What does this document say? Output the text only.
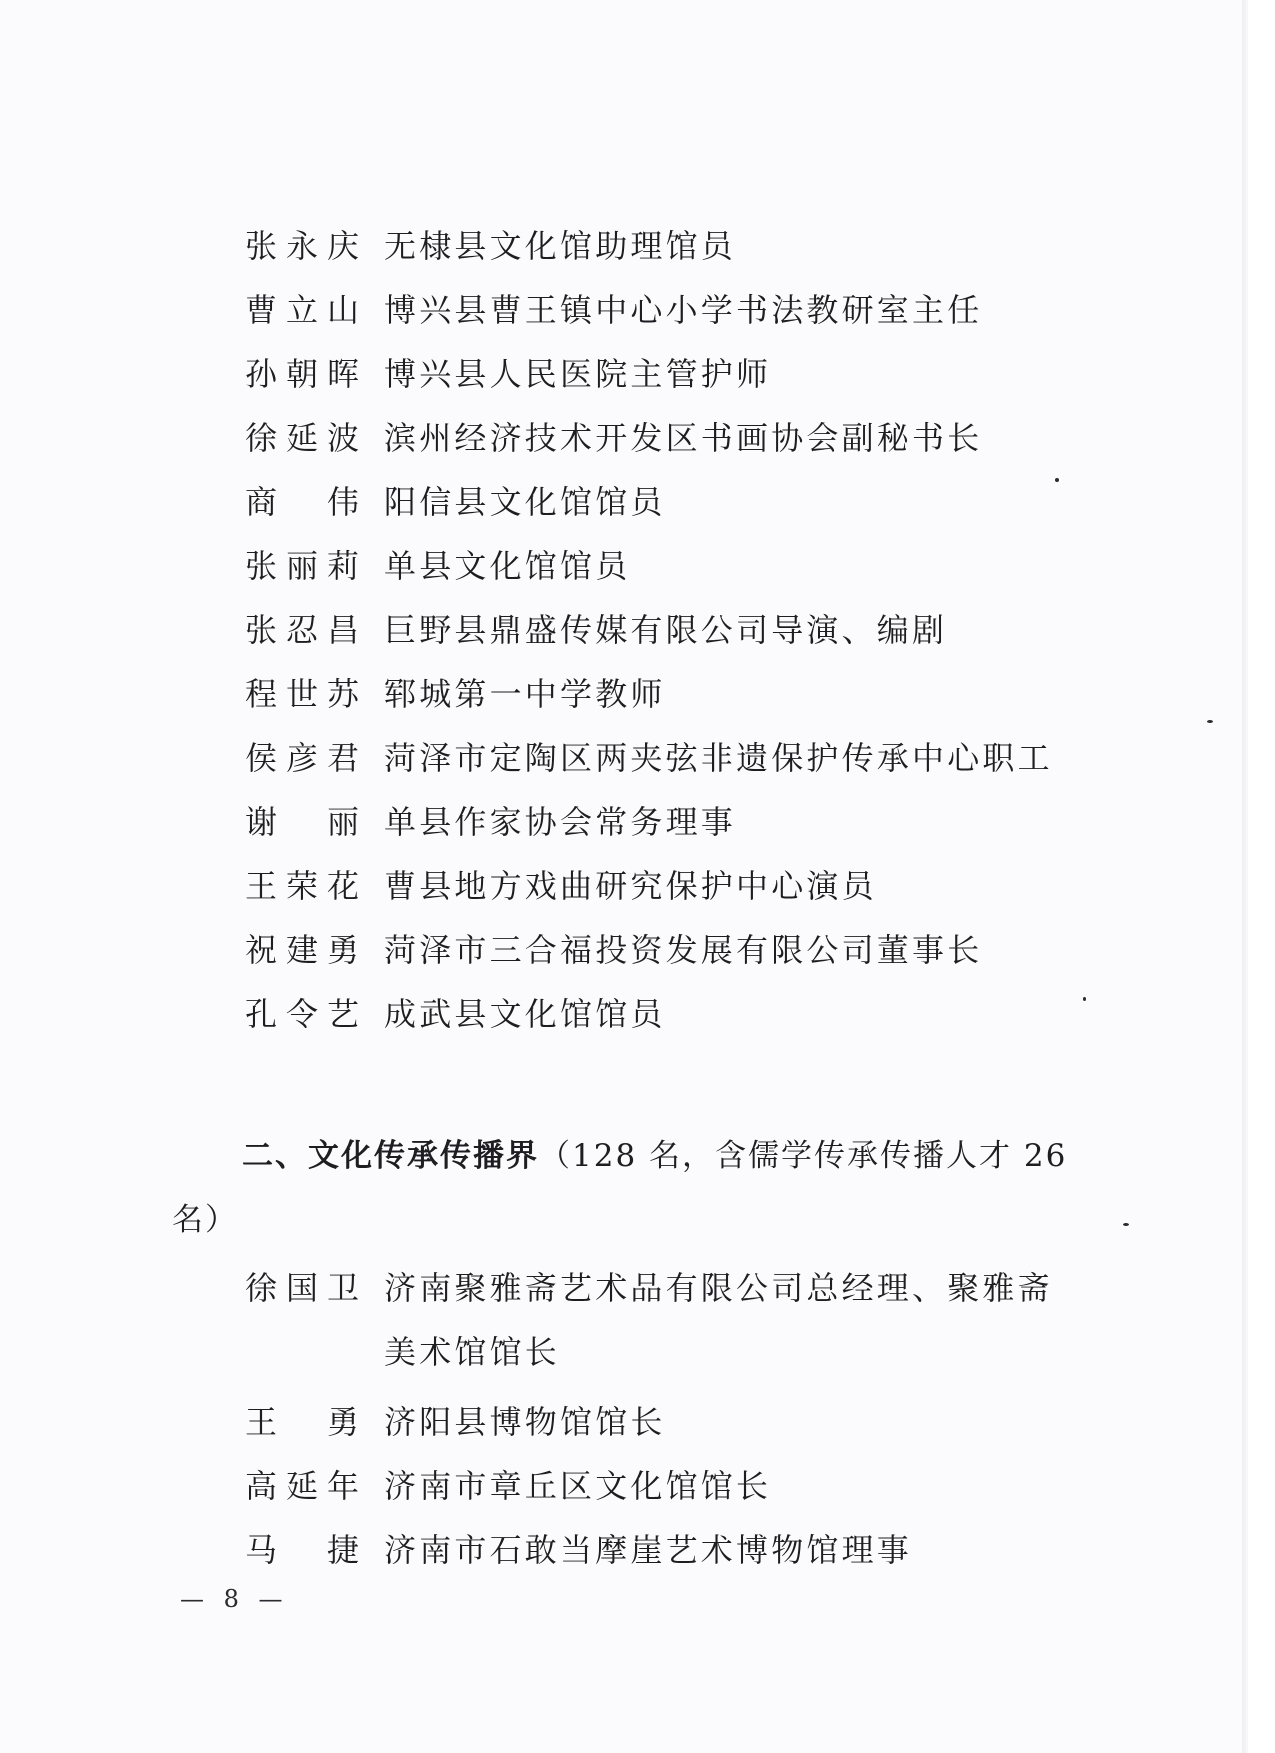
张永庆 无棣县文化馆助理馆员
曹立山 博兴县曹王镇中心小学书法教研室主任
孙朝晖 博兴县人民医院主管护师
徐延波 滨州经济技术开发区书画协会副秘书长
商　伟 阳信县文化馆馆员
张丽莉 单县文化馆馆员
张忍昌 巨野县鼎盛传媒有限公司导演、编剧
程世苏 郓城第一中学教师
侯彦君 菏泽市定陶区两夹弦非遗保护传承中心职工
谢　丽 单县作家协会常务理事
王荣花 曹县地方戏曲研究保护中心演员
祝建勇 菏泽市三合福投资发展有限公司董事长
孔令艺 成武县文化馆馆员
二、文化传承传播界（128 名，含儒学传承传播人才 26 名）
徐国卫 济南聚雅斋艺术品有限公司总经理、聚雅斋美术馆馆长
王　勇 济阳县博物馆馆长
高延年 济南市章丘区文化馆馆长
马　捷 济南市石敢当摩崖艺术博物馆理事
— 8 —
